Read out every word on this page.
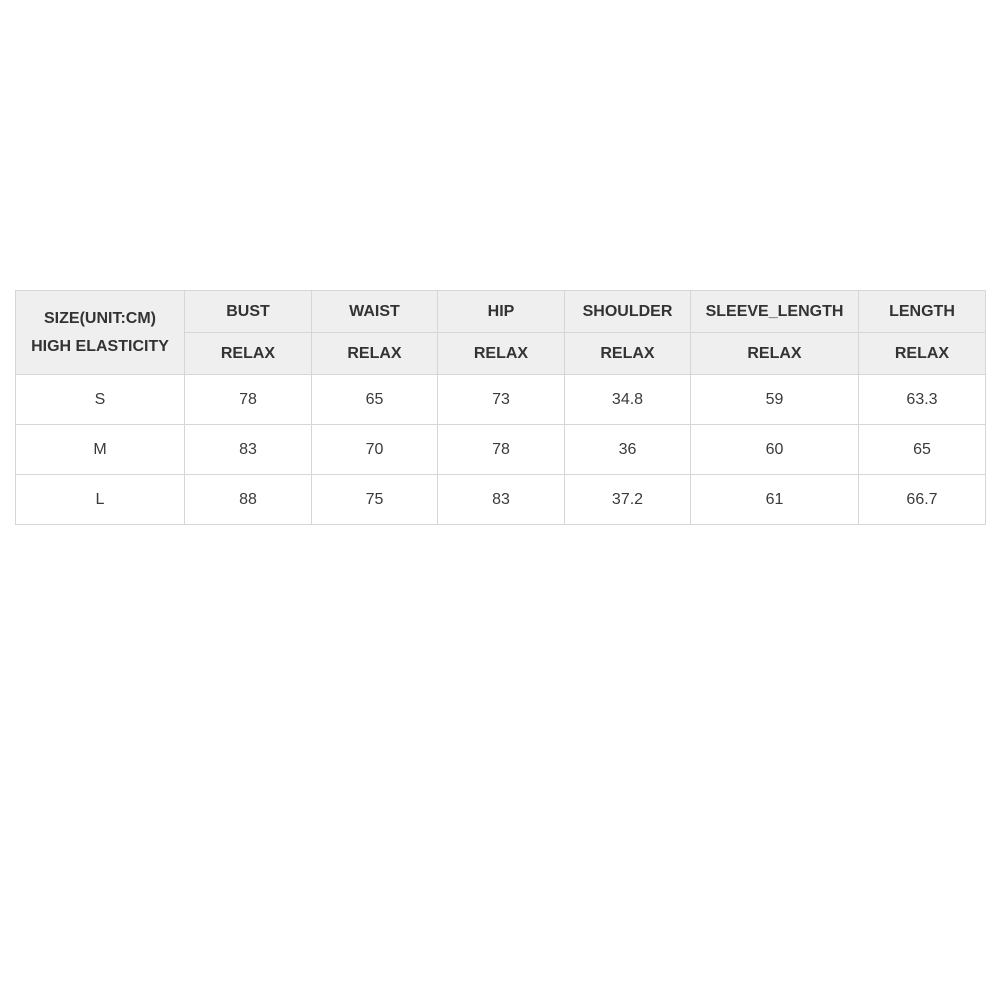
SIZE(UNIT:CM)
HIGH ELASTICITY	BUST	WAIST	HIP	SHOULDER	SLEEVE_LENGTH	LENGTH
	RELAX	RELAX	RELAX	RELAX	RELAX	RELAX
S	78	65	73	34.8	59	63.3
M	83	70	78	36	60	65
L	88	75	83	37.2	61	66.7
